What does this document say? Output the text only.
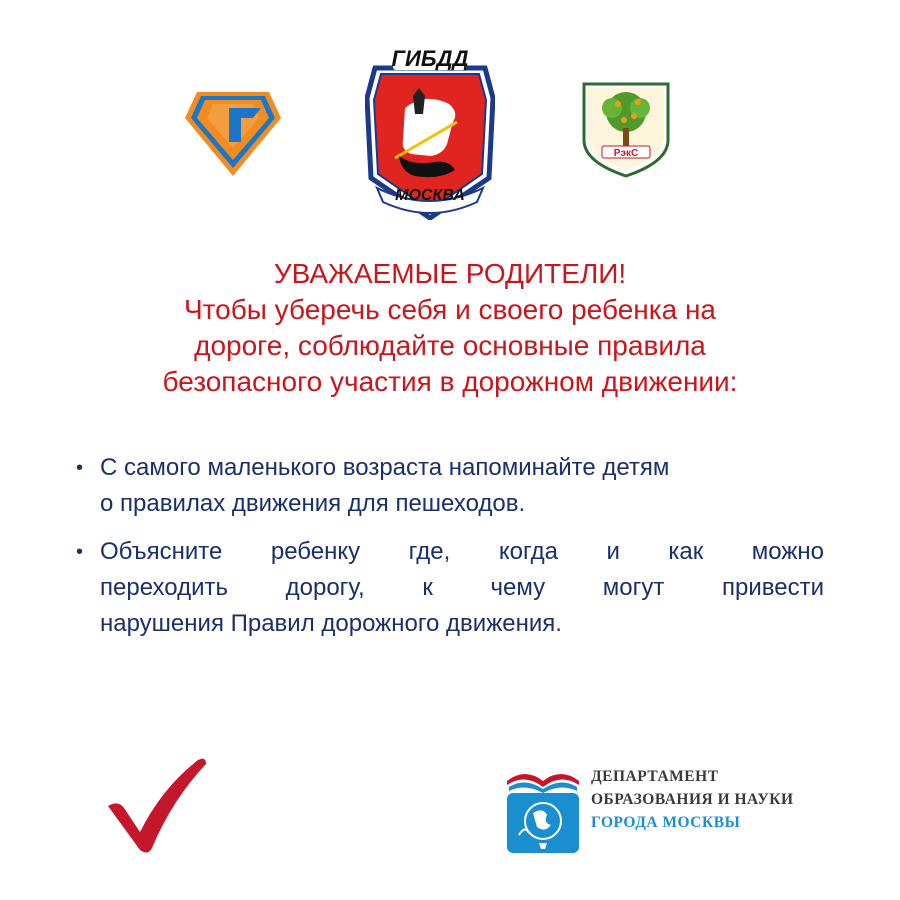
ГИБДД
МОСКВА
РэкС
УВАЖАЕМЫЕ РОДИТЕЛИ!
Чтобы уберечь себя и своего ребенка на
дороге, соблюдайте основные правила
безопасного участия в дорожном движении:
• С самого маленького возраста напоминайте детям
о правилах движения для пешеходов.
• Объясните ребенку где, когда и как можно
переходить дорогу, к чему могут привести
нарушения Правил дорожного движения.
ДЕПАРТАМЕНТ
ОБРАЗОВАНИЯ И НАУКИ
ГОРОДА МОСКВЫ
